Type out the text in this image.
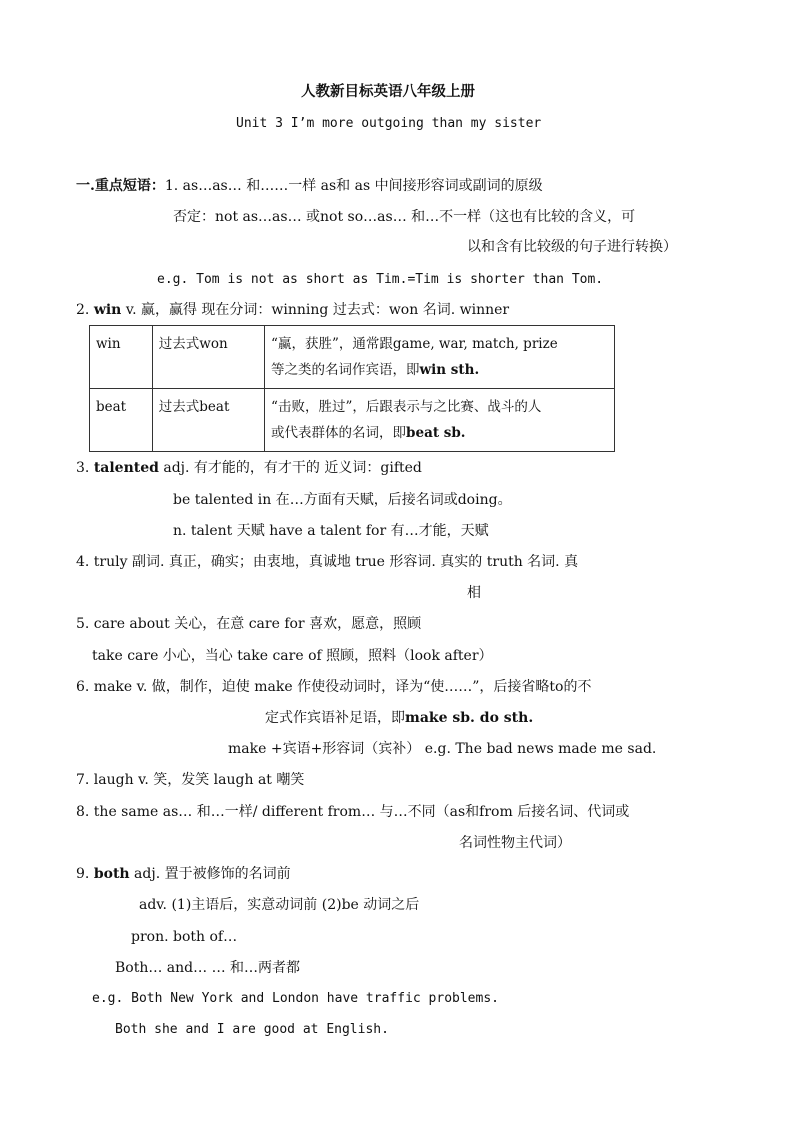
人教新目标英语八年级上册
Unit 3 I’m more outgoing than my sister
一.重点短语：1. as…as… 和……一样 as和 as 中间接形容词或副词的原级
否定：not as…as… 或not so…as… 和…不一样（这也有比较的含义，可
以和含有比较级的句子进行转换）
e.g. Tom is not as short as Tim.=Tim is shorter than Tom.
2. win v. 赢，赢得 现在分词：winning 过去式：won 名词. winner
win	过去式won	“赢，获胜”，通常跟game, war, match, prize
等之类的名词作宾语，即win sth.

beat	过去式beat	“击败，胜过”，后跟表示与之比赛、战斗的人
或代表群体的名词，即beat sb.
3. talented adj. 有才能的，有才干的 近义词：gifted
be talented in 在…方面有天赋，后接名词或doing。
n. talent 天赋 have a talent for 有…才能，天赋
4. truly 副词. 真正，确实；由衷地，真诚地 true 形容词. 真实的 truth 名词. 真
相
5. care about 关心，在意 care for 喜欢，愿意，照顾
take care 小心，当心 take care of 照顾，照料（look after）
6. make v. 做，制作，迫使 make 作使役动词时，译为“使……”，后接省略to的不
定式作宾语补足语，即make sb. do sth.
make +宾语+形容词（宾补） e.g. The bad news made me sad.
7. laugh v. 笑，发笑 laugh at 嘲笑
8. the same as… 和…一样/ different from… 与…不同（as和from 后接名词、代词或
名词性物主代词）
9. both adj. 置于被修饰的名词前
adv. (1)主语后，实意动词前 (2)be 动词之后
pron. both of…
Both… and… … 和…两者都
e.g. Both New York and London have traffic problems.
Both she and I are good at English.
